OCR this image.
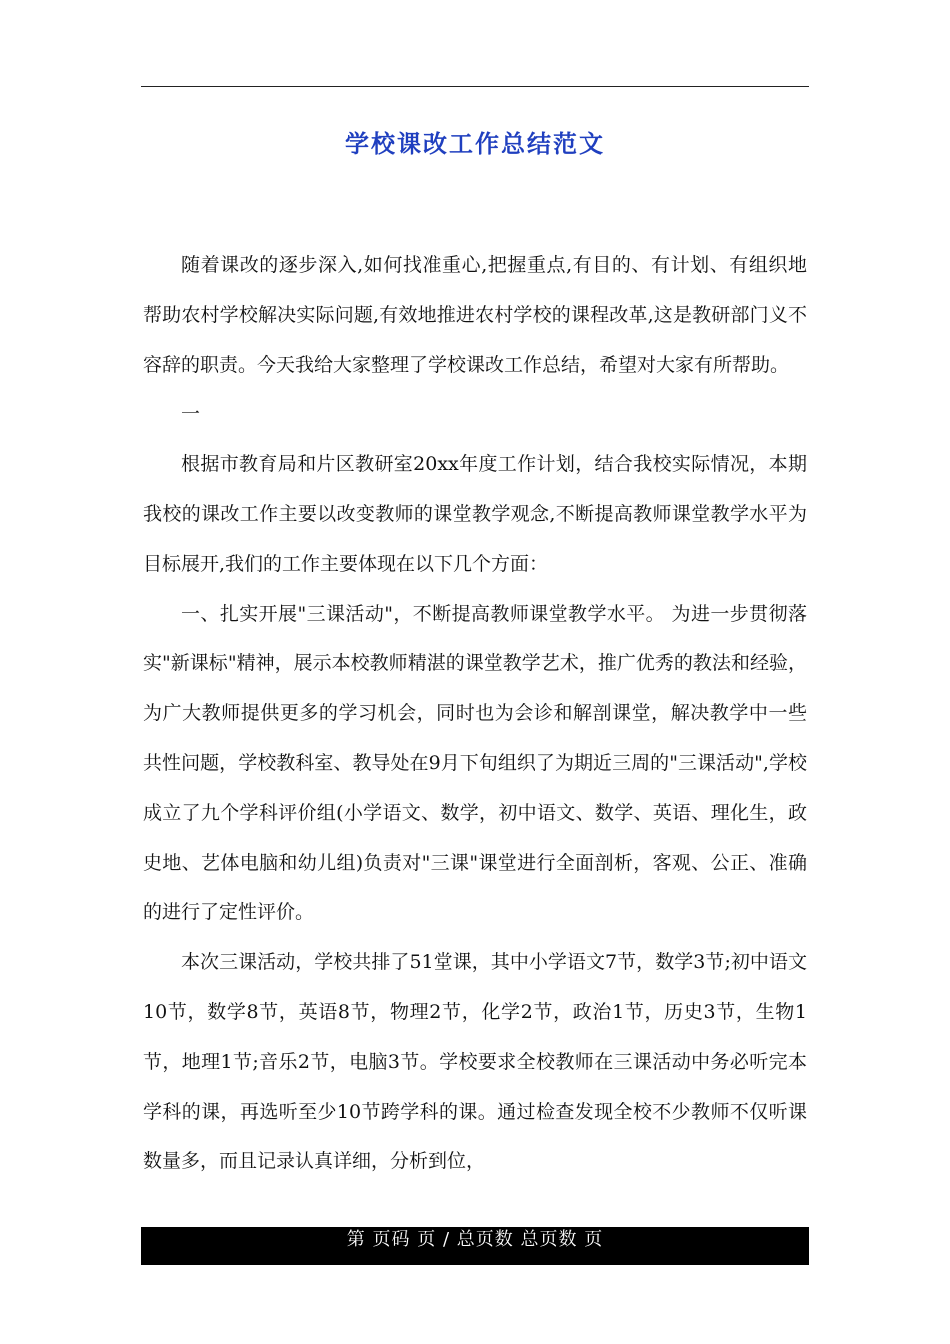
学校课改工作总结范文

随着课改的逐步深入,如何找准重心,把握重点,有目的、有计划、有组织地帮助农村学校解决实际问题,有效地推进农村学校的课程改革,这是教研部门义不容辞的职责。今天我给大家整理了学校课改工作总结，希望对大家有所帮助。

一

根据市教育局和片区教研室20xx年度工作计划，结合我校实际情况，本期我校的课改工作主要以改变教师的课堂教学观念,不断提高教师课堂教学水平为目标展开,我们的工作主要体现在以下几个方面：

一、扎实开展"三课活动"，不断提高教师课堂教学水平。 为进一步贯彻落实"新课标"精神，展示本校教师精湛的课堂教学艺术，推广优秀的教法和经验，为广大教师提供更多的学习机会，同时也为会诊和解剖课堂，解决教学中一些共性问题，学校教科室、教导处在9月下旬组织了为期近三周的"三课活动",学校成立了九个学科评价组(小学语文、数学，初中语文、数学、英语、理化生，政史地、艺体电脑和幼儿组)负责对"三课"课堂进行全面剖析，客观、公正、准确的进行了定性评价。

本次三课活动，学校共排了51堂课，其中小学语文7节，数学3节;初中语文10节，数学8节，英语8节，物理2节，化学2节，政治1节，历史3节，生物1节，地理1节;音乐2节，电脑3节。学校要求全校教师在三课活动中务必听完本学科的课，再选听至少10节跨学科的课。通过检查发现全校不少教师不仅听课数量多，而且记录认真详细，分析到位，

第 页码 页 / 总页数 总页数 页
